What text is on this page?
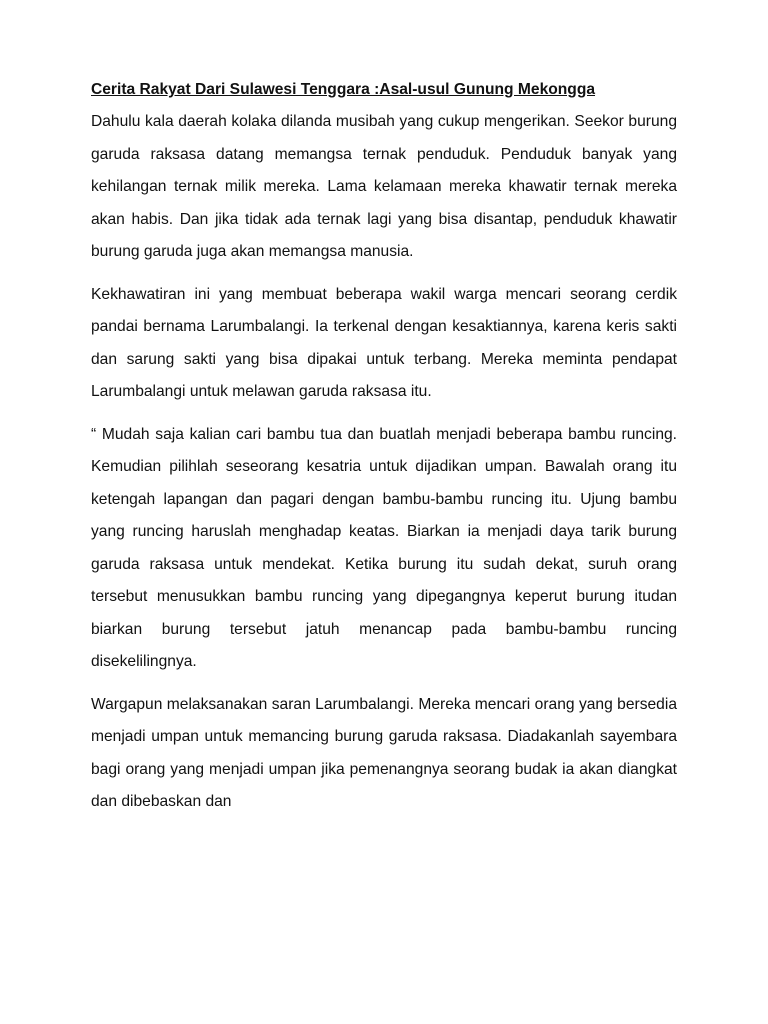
Cerita Rakyat Dari Sulawesi Tenggara :Asal-usul Gunung Mekongga

Dahulu kala daerah kolaka dilanda musibah yang cukup mengerikan. Seekor burung garuda raksasa datang memangsa ternak penduduk. Penduduk banyak yang kehilangan ternak milik mereka. Lama kelamaan mereka khawatir ternak mereka akan habis. Dan jika tidak ada ternak lagi yang bisa disantap, penduduk khawatir burung garuda juga akan memangsa manusia.

Kekhawatiran ini yang membuat beberapa wakil warga mencari seorang cerdik pandai bernama Larumbalangi. Ia terkenal dengan kesaktiannya, karena keris sakti dan sarung sakti yang bisa dipakai untuk terbang. Mereka meminta pendapat Larumbalangi untuk melawan garuda raksasa itu.

“ Mudah saja kalian cari bambu tua dan buatlah menjadi beberapa bambu runcing. Kemudian pilihlah seseorang kesatria untuk dijadikan umpan. Bawalah orang itu ketengah lapangan dan pagari dengan bambu-bambu runcing itu. Ujung bambu yang runcing haruslah menghadap keatas. Biarkan ia menjadi daya tarik burung garuda raksasa untuk mendekat. Ketika burung itu sudah dekat, suruh orang tersebut menusukkan bambu runcing yang dipegangnya keperut burung itudan biarkan burung tersebut jatuh menancap pada bambu-bambu runcing disekelilingnya.

Wargapun melaksanakan saran Larumbalangi. Mereka mencari orang yang bersedia menjadi umpan untuk memancing burung garuda raksasa. Diadakanlah sayembara bagi orang yang menjadi umpan jika pemenangnya seorang budak ia akan diangkat dan dibebaskan dan
